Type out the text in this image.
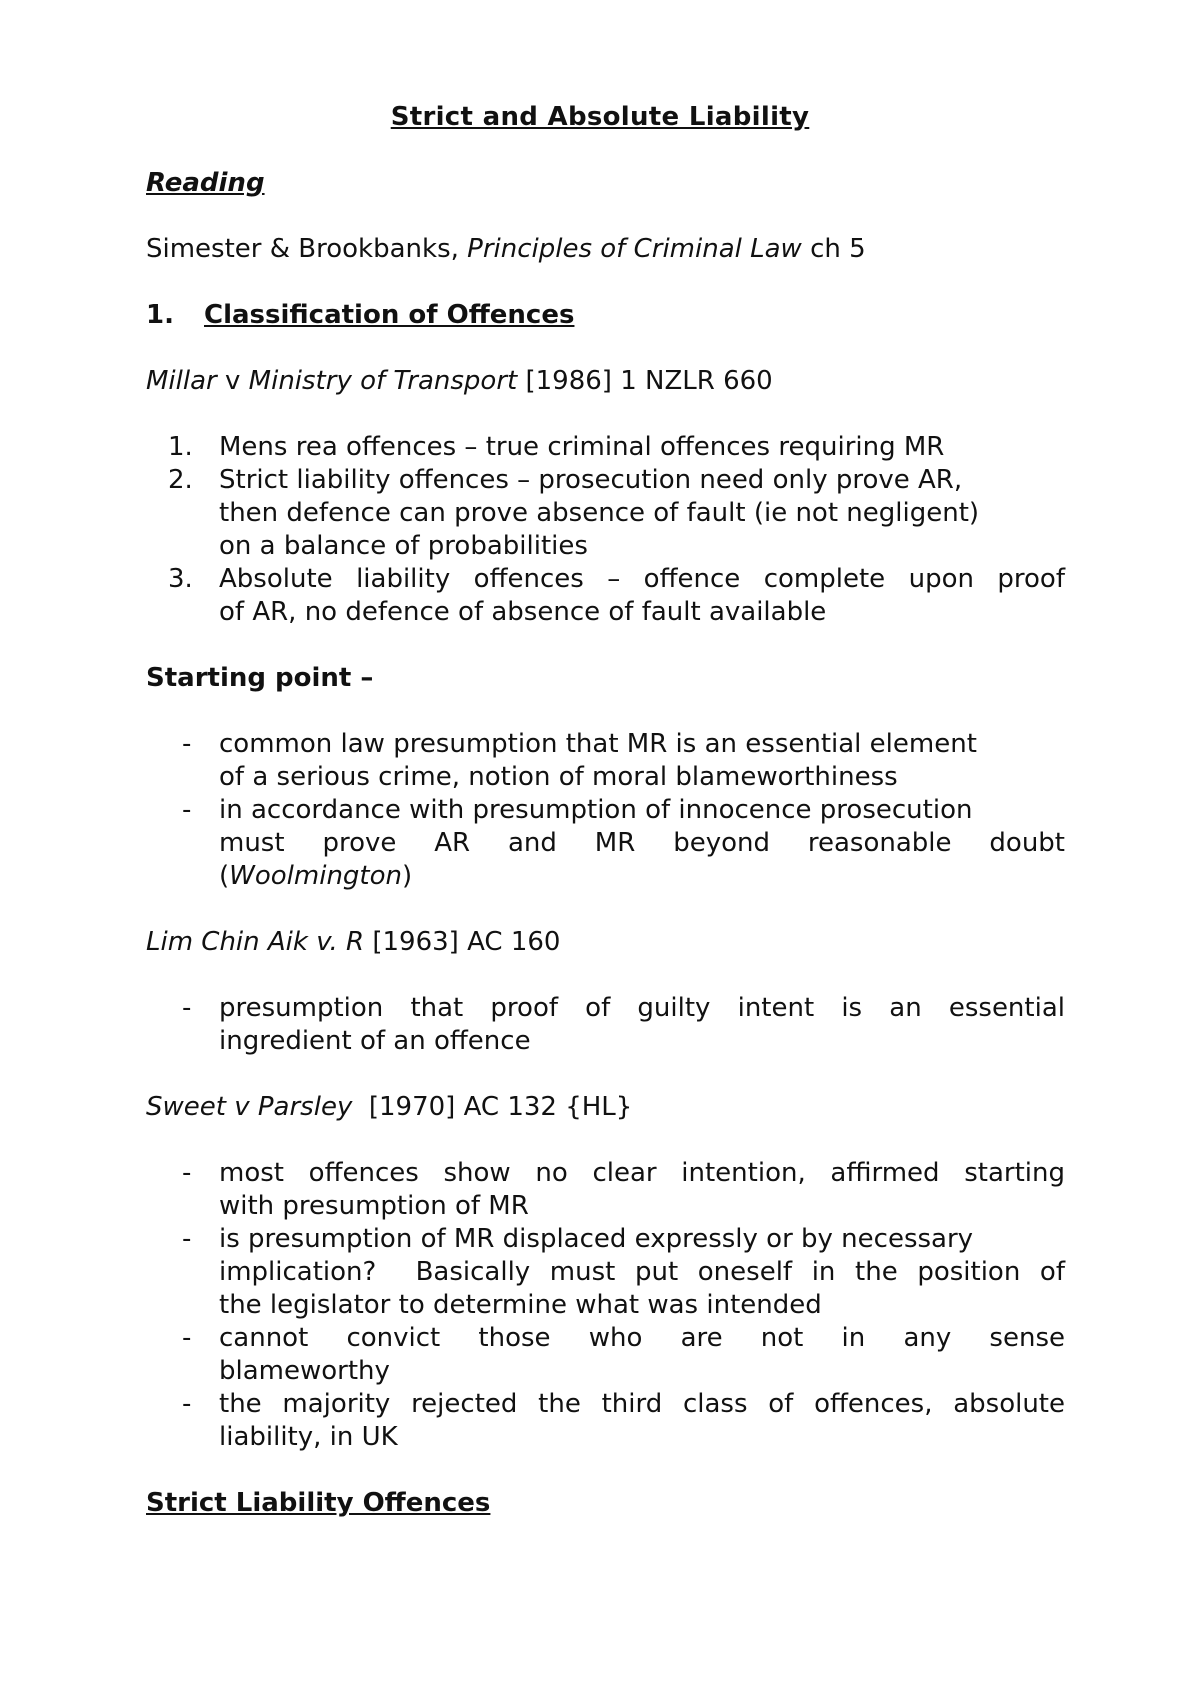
Strict and Absolute Liability
Reading
Simester & Brookbanks, Principles of Criminal Law ch 5
1. Classification of Offences
Millar v Ministry of Transport [1986] 1 NZLR 660
1. Mens rea offences – true criminal offences requiring MR
2. Strict liability offences – prosecution need only prove AR,
then defence can prove absence of fault (ie not negligent)
on a balance of probabilities
3. Absolute liability offences – offence complete upon proof
of AR, no defence of absence of fault available
Starting point –
- common law presumption that MR is an essential element
of a serious crime, notion of moral blameworthiness
- in accordance with presumption of innocence prosecution
must prove AR and MR beyond reasonable doubt
(Woolmington)
Lim Chin Aik v. R [1963] AC 160
- presumption that proof of guilty intent is an essential
ingredient of an offence
Sweet v Parsley  [1970] AC 132 {HL}
- most offences show no clear intention, affirmed starting
with presumption of MR
- is presumption of MR displaced expressly or by necessary
implication?  Basically must put oneself in the position of
the legislator to determine what was intended
- cannot convict those who are not in any sense
blameworthy
- the majority rejected the third class of offences, absolute
liability, in UK
Strict Liability Offences
